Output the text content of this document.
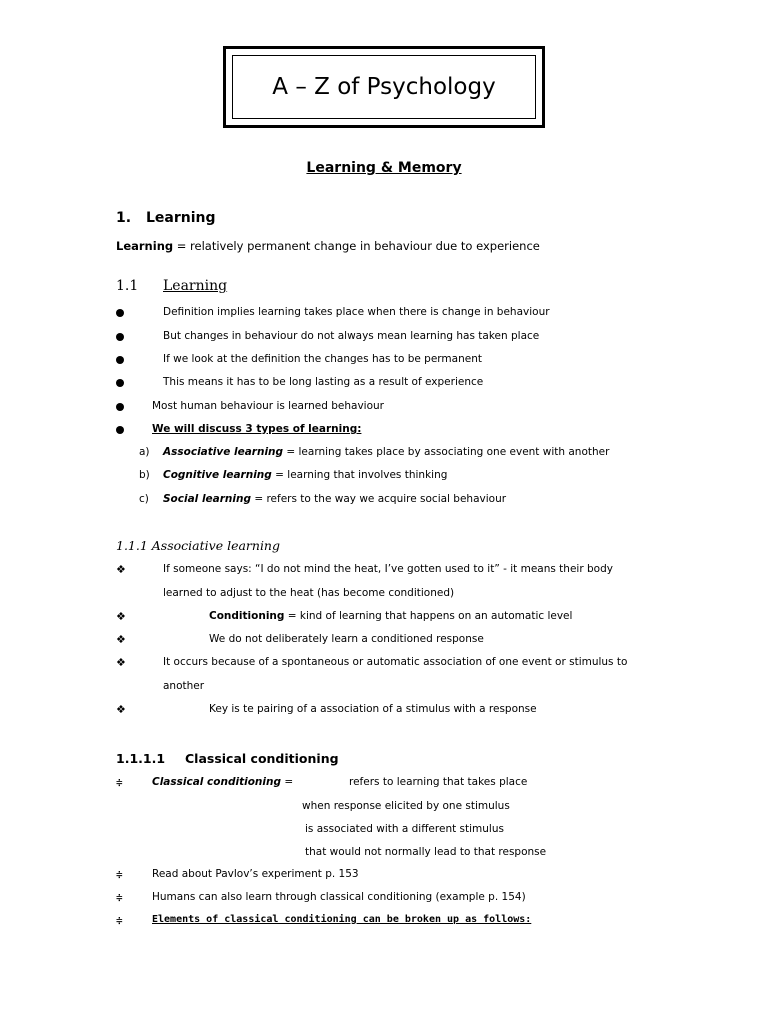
A – Z of Psychology
Learning & Memory
1. Learning
Learning = relatively permanent change in behaviour due to experience
1.1 Learning
Definition implies learning takes place when there is change in behaviour
But changes in behaviour do not always mean learning has taken place
If we look at the definition the changes has to be permanent
This means it has to be long lasting as a result of experience
Most human behaviour is learned behaviour
We will discuss 3 types of learning:
a) Associative learning = learning takes place by associating one event with another
b) Cognitive learning = learning that involves thinking
c) Social learning = refers to the way we acquire social behaviour
1.1.1 Associative learning
❖	If someone says: “I do not mind the heat, I’ve gotten used to it” - it means their body
learned to adjust to the heat (has become conditioned)
❖	Conditioning = kind of learning that happens on an automatic level
❖	We do not deliberately learn a conditioned response
❖	It occurs because of a spontaneous or automatic association of one event or stimulus to
another
❖	Key is te pairing of a association of a stimulus with a response
1.1.1.1 Classical conditioning
≑	Classical conditioning =	refers to learning that takes place
when response elicited by one stimulus
is associated with a different stimulus
that would not normally lead to that response
≑	Read about Pavlov’s experiment p. 153
≑	Humans can also learn through classical conditioning (example p. 154)
≑	Elements of classical conditioning can be broken up as follows:
